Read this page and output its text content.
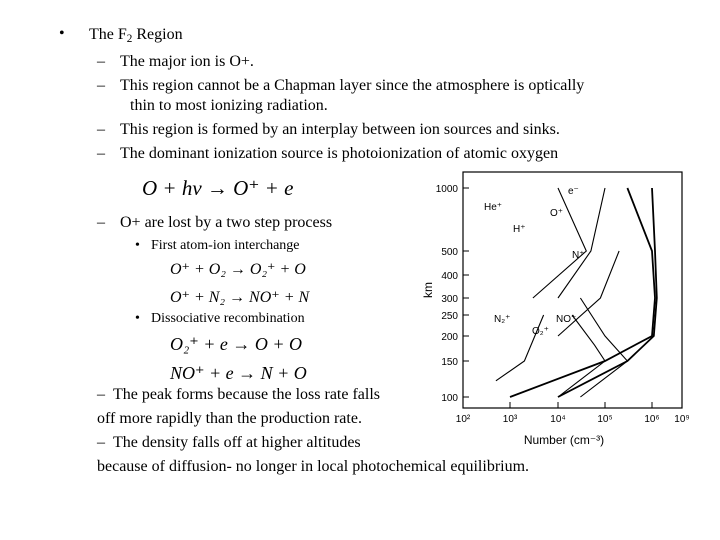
• The $F_2$ Region
– The major ion is O+.
– This region cannot be a Chapman layer since the atmosphere is optically
thin to most ionizing radiation.
– This region is formed by an interplay between ion sources and sinks.
– The dominant ionization source is photoionization of atomic oxygen
O + hν → O⁺ + e
– O+ are lost by a two step process
• First atom-ion interchange
O⁺ + O₂ → O₂⁺ + O
O⁺ + N₂ → NO⁺ + N
• Dissociative recombination
O₂⁺ + e → O + O
NO⁺ + e → N + O
– The peak forms because the loss rate falls
off more rapidly than the production rate.
– The density falls off at higher altitudes
because of diffusion- no longer in local photochemical equilibrium.
1000
500
400
300
250
200
150
100
10²	10³	10⁴	10⁵	10⁶ 10⁹
e⁻
O⁺
He⁺
H⁺
N⁺
N₂⁺	NO⁺
O₂⁺
km
Number (cm⁻³)
